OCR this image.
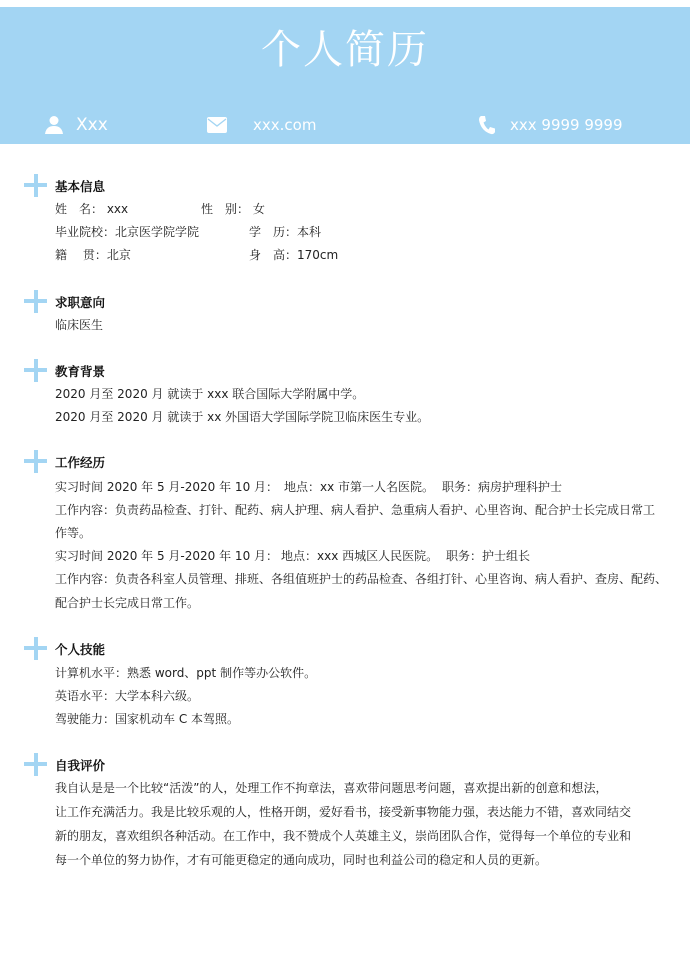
个人简历
Xxx	xxx.com	xxx 9999 9999
基本信息
姓　名： xxx	性　别： 女
毕业院校：北京医学院学院	学　历：本科
籍　 贯：北京	身　高：170cm
求职意向
临床医生
教育背景
2020 月至 2020 月 就读于 xxx 联合国际大学附属中学。
2020 月至 2020 月 就读于 xx 外国语大学国际学院卫临床医生专业。
工作经历
实习时间 2020 年 5 月-2020 年 10 月： 地点：xx 市第一人名医院。 职务：病房护理科护士
工作内容：负责药品检查、打针、配药、病人护理、病人看护、急重病人看护、心里咨询、配合护士长完成日常工
作等。
实习时间 2020 年 5 月-2020 年 10 月： 地点：xxx 西城区人民医院。 职务：护士组长
工作内容：负责各科室人员管理、排班、各组值班护士的药品检查、各组打针、心里咨询、病人看护、查房、配药、
配合护士长完成日常工作。
个人技能
计算机水平：熟悉 word、ppt 制作等办公软件。
英语水平：大学本科六级。
驾驶能力：国家机动车 C 本驾照。
自我评价
我自认是是一个比较“活泼”的人，处理工作不拘章法，喜欢带问题思考问题，喜欢提出新的创意和想法，
让工作充满活力。我是比较乐观的人，性格开朗，爱好看书，接受新事物能力强，表达能力不错，喜欢同结交
新的朋友，喜欢组织各种活动。在工作中，我不赞成个人英雄主义，崇尚团队合作，觉得每一个单位的专业和
每一个单位的努力协作，才有可能更稳定的通向成功，同时也利益公司的稳定和人员的更新。
